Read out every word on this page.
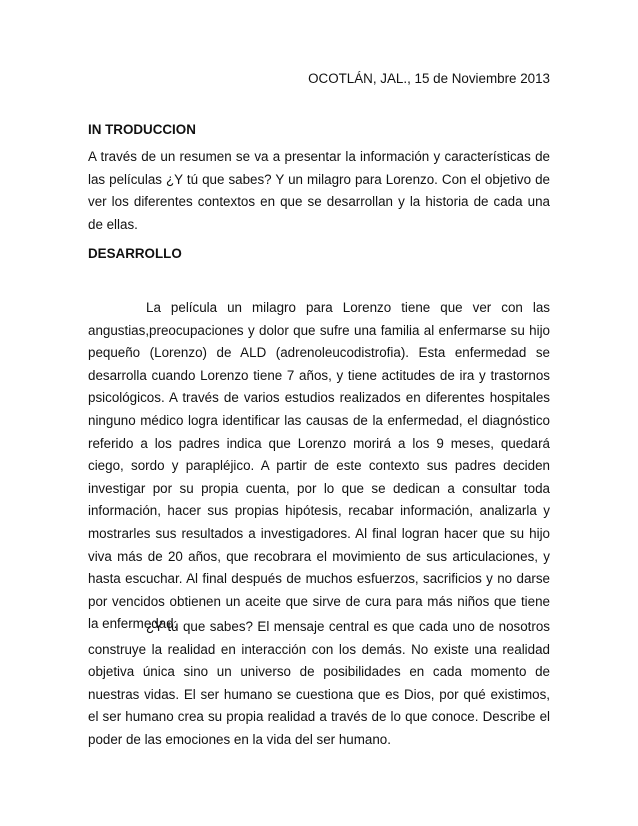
OCOTLÁN, JAL., 15 de Noviembre 2013
IN TRODUCCION

A través de un resumen se va a presentar la información y características de las películas ¿Y tú que sabes? Y un milagro para Lorenzo. Con el objetivo de ver los diferentes contextos en que se desarrollan y la historia de cada una de ellas.

DESARROLLO

La película un milagro para Lorenzo tiene que ver con las angustias,preocupaciones y dolor que sufre una familia al enfermarse su hijo pequeño (Lorenzo) de ALD (adrenoleucodistrofia). Esta enfermedad se desarrolla cuando Lorenzo tiene 7 años, y tiene actitudes de ira y trastornos psicológicos. A través de varios estudios realizados en diferentes hospitales ninguno médico logra identificar las causas de la enfermedad, el diagnóstico referido a los padres indica que Lorenzo morirá a los 9 meses, quedará ciego, sordo y parapléjico. A partir de este contexto sus padres deciden investigar por su propia cuenta, por lo que se dedican a consultar toda información, hacer sus propias hipótesis, recabar información, analizarla y mostrarles sus resultados a investigadores. Al final logran hacer que su hijo viva más de 20 años, que recobrara el movimiento de sus articulaciones, y hasta escuchar. Al final después de muchos esfuerzos, sacrificios y no darse por vencidos obtienen un aceite que sirve de cura para más niños que tiene la enfermedad.

¿Y tú que sabes? El mensaje central es que cada uno de nosotros construye la realidad en interacción con los demás. No existe una realidad objetiva única sino un universo de posibilidades en cada momento de nuestras vidas. El ser humano se cuestiona que es Dios, por qué existimos, el ser humano crea su propia realidad a través de lo que conoce. Describe el poder de las emociones en la vida del ser humano.
